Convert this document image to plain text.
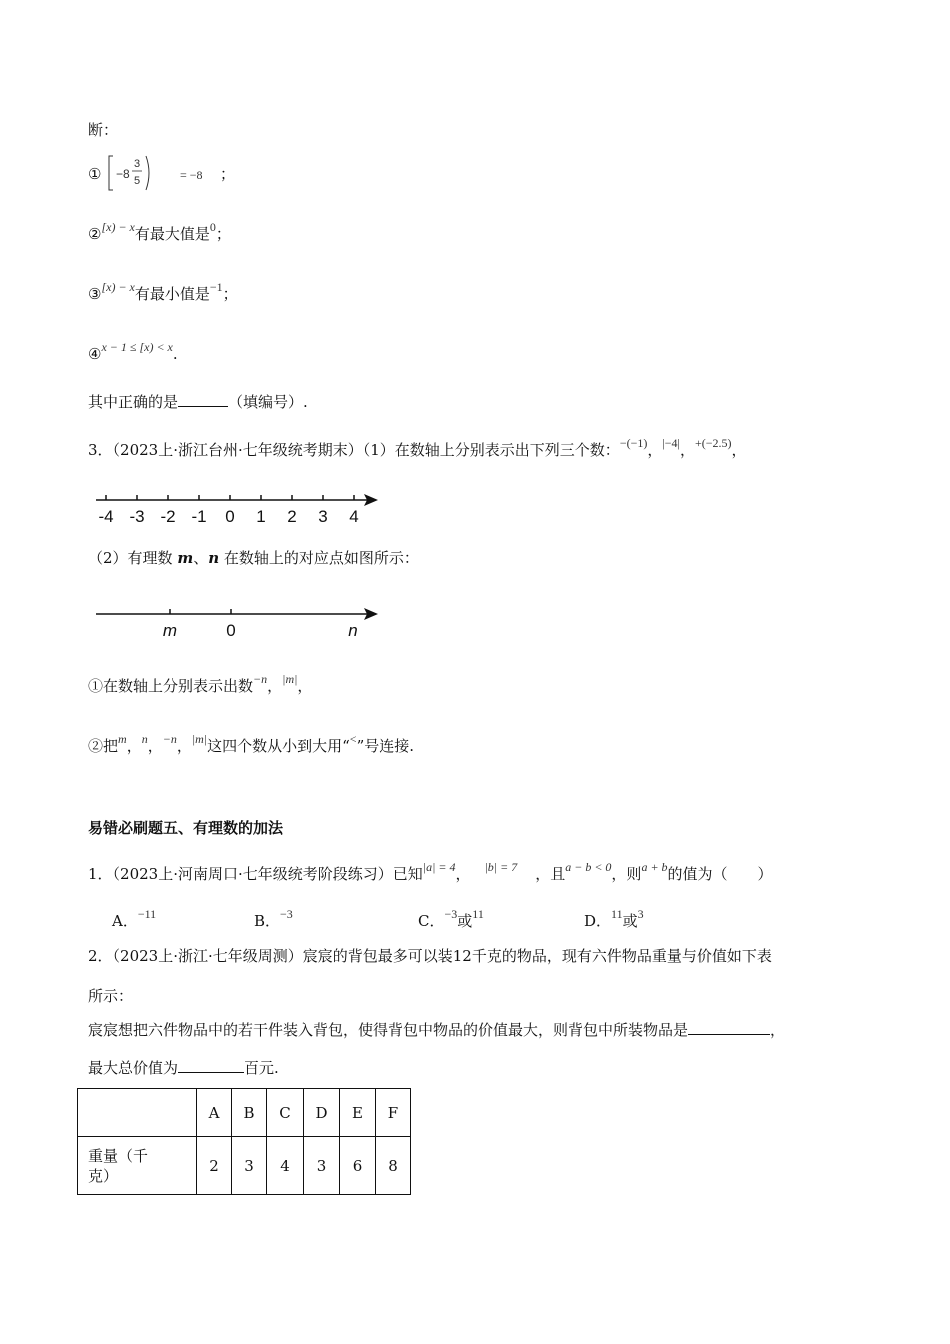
断：
① −8
3
5	= −8 ；
②$^{[x) - x}$有最大值是$^0$；
③$^{[x) - x}$有最小值是$^{-1}$；
④$^{x - 1 \le [x) < x}$.
其中正确的是	（填编号）.
3．（2023上·浙江台州·七年级统考期末）（1）在数轴上分别表示出下列三个数：$^{-(-1)}$，$^{|-4|}$，$^{+(-2.5)}$，
-4 -3 -2 -1 0 1 2 3 4
（2）有理数 m、n 在数轴上的对应点如图所示：
m	0	n
①在数轴上分别表示出数$^{-n}$，$^{|m|}$，
②把$^m$，$^n$，$^{-n}$，$^{|m|}$这四个数从小到大用“<”号连接.
易错必刷题五、有理数的加法
1．（2023上·河南周口·七年级统考阶段练习）已知$^{|a| = 4}$， $^{|b| = 7}$ ，且$^{a - b < 0}$，则$^{a + b}$的值为（　　）
A．$^{-11}$	B．$^{-3}$	C．$^{-3}$或$^{11}$	D．$^{11}$或$^3$
2．（2023上·浙江·七年级周测）宸宸的背包最多可以装12千克的物品，现有六件物品重量与价值如下表
所示：
宸宸想把六件物品中的若干件装入背包，使得背包中物品的价值最大，则背包中所装物品是	，
最大总价值为	百元.
	A	B	C	D	E	F

重量（千
克）	2	3	4	3	6	8
